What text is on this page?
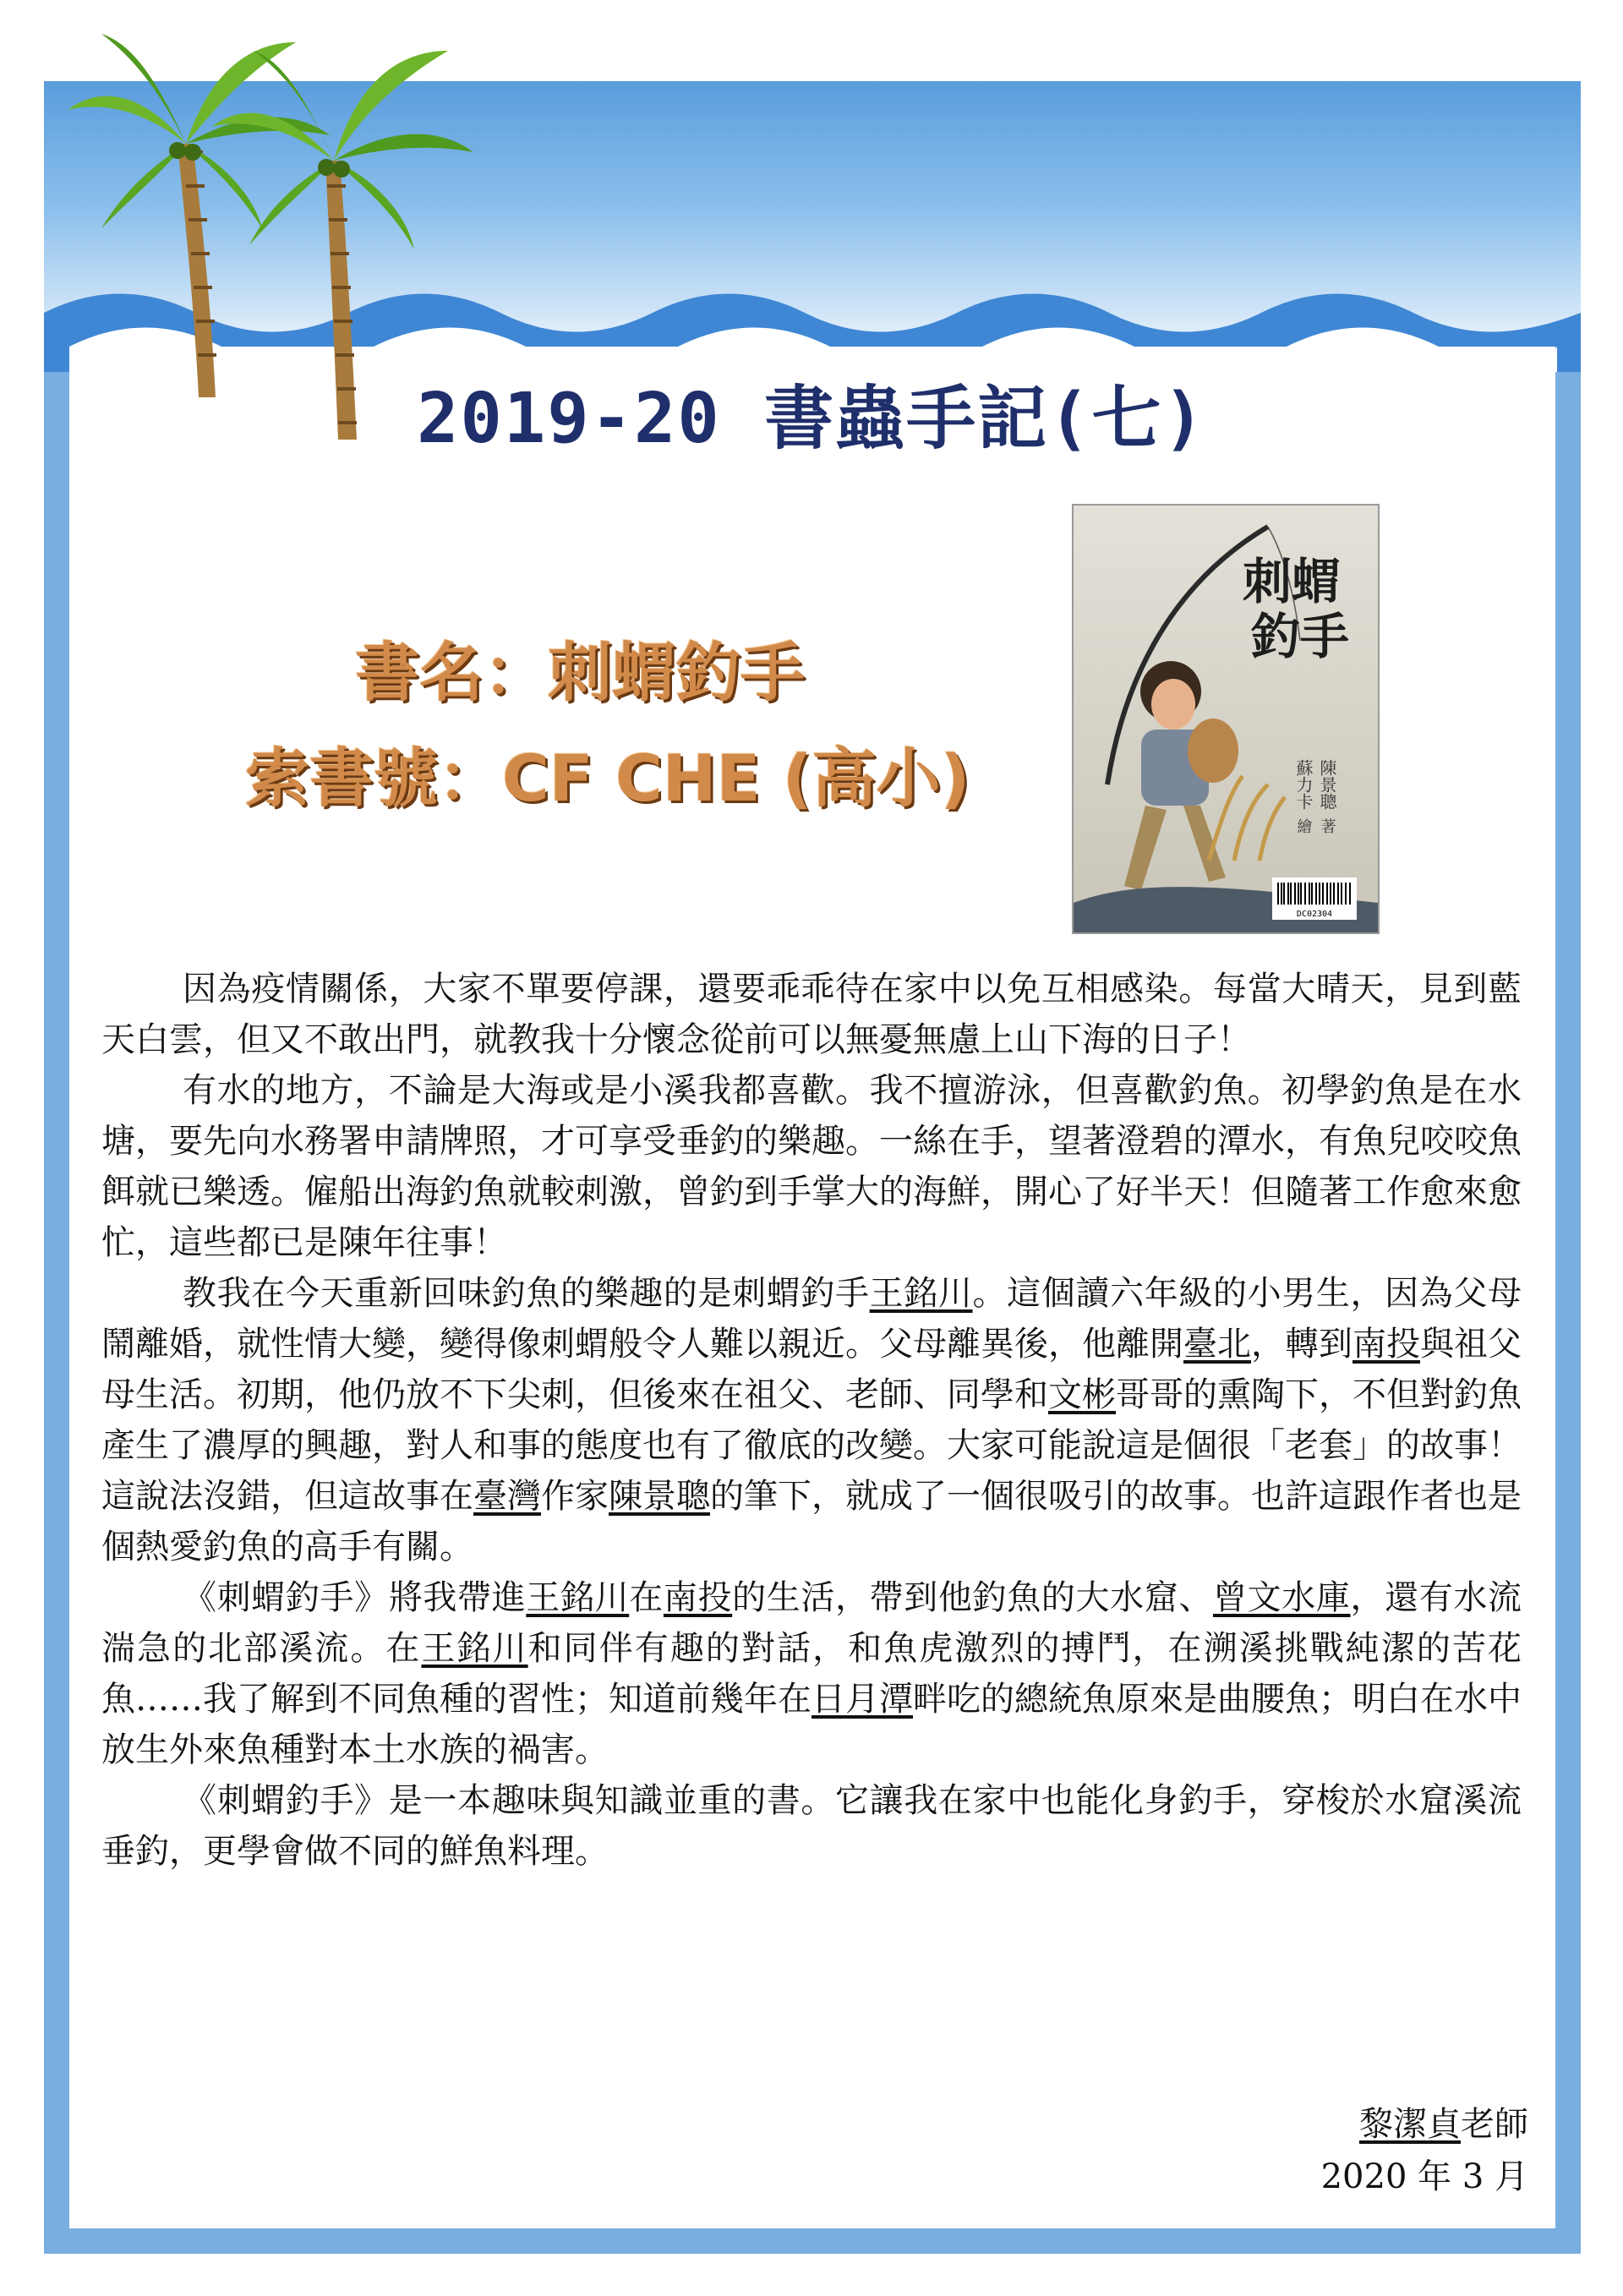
2019-20 書蟲手記(七)
書名：刺蝟釣手
索書號：CF CHE (高小)
刺蝟
釣手
陳景聰
著
蘇力卡
繪
DC02304

因為疫情關係，大家不單要停課，還要乖乖待在家中以免互相感染。每當大晴天，見到藍天白雲，但又不敢出門，就教我十分懷念從前可以無憂無慮上山下海的日子！

有水的地方，不論是大海或是小溪我都喜歡。我不擅游泳，但喜歡釣魚。初學釣魚是在水塘，要先向水務署申請牌照，才可享受垂釣的樂趣。一絲在手，望著澄碧的潭水，有魚兒咬咬魚餌就已樂透。僱船出海釣魚就較刺激，曾釣到手掌大的海鮮，開心了好半天！但隨著工作愈來愈忙，這些都已是陳年往事！

教我在今天重新回味釣魚的樂趣的是刺蝟釣手王銘川。這個讀六年級的小男生，因為父母鬧離婚，就性情大變，變得像刺蝟般令人難以親近。父母離異後，他離開臺北，轉到南投與祖父母生活。初期，他仍放不下尖刺，但後來在祖父、老師、同學和文彬哥哥的熏陶下，不但對釣魚產生了濃厚的興趣，對人和事的態度也有了徹底的改變。大家可能說這是個很「老套」的故事！這說法沒錯，但這故事在臺灣作家陳景聰的筆下，就成了一個很吸引的故事。也許這跟作者也是個熱愛釣魚的高手有關。

《刺蝟釣手》將我帶進王銘川在南投的生活，帶到他釣魚的大水窟、曾文水庫，還有水流湍急的北部溪流。在王銘川和同伴有趣的對話，和魚虎激烈的搏鬥，在溯溪挑戰純潔的苦花魚……我了解到不同魚種的習性；知道前幾年在日月潭畔吃的總統魚原來是曲腰魚；明白在水中放生外來魚種對本土水族的禍害。

《刺蝟釣手》是一本趣味與知識並重的書。它讓我在家中也能化身釣手，穿梭於水窟溪流垂釣，更學會做不同的鮮魚料理。

黎潔貞老師
2020 年 3 月
